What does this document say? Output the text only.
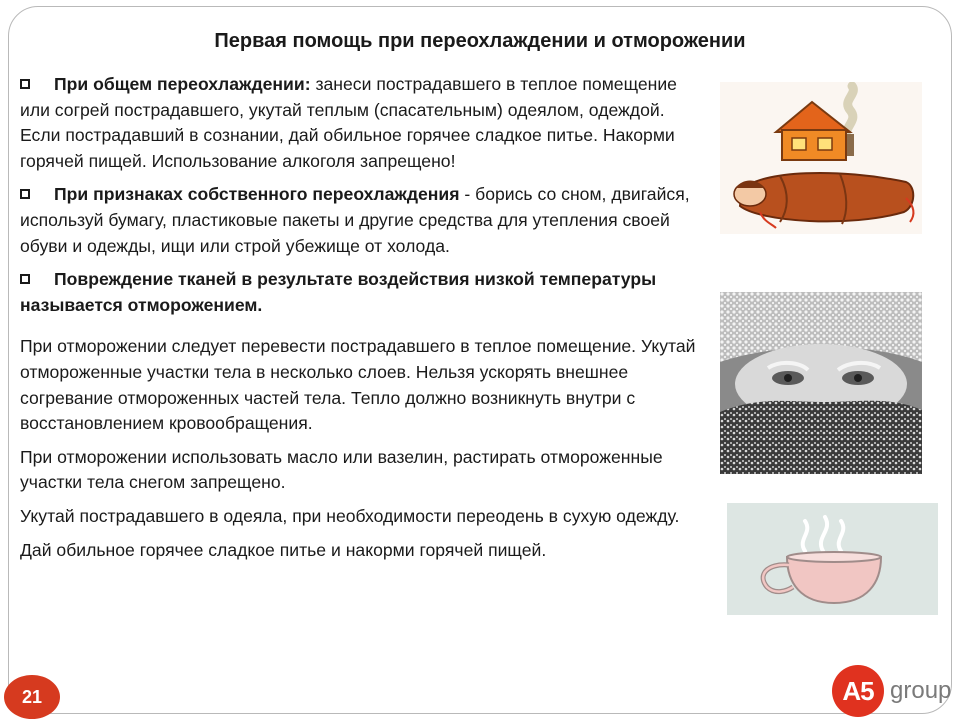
Первая помощь при переохлаждении и отморожении

При общем переохлаждении: занеси пострадавшего в теплое помещение или согрей пострадавшего, укутай теплым (спасательным) одеялом, одеждой. Если пострадавший в сознании, дай обильное горячее сладкое питье. Накорми горячей пищей. Использование алкоголя запрещено!

При признаках собственного переохлаждения - борись со сном, двигайся, используй бумагу, пластиковые пакеты и другие средства для утепления своей обуви и одежды, ищи или строй убежище от холода.

Повреждение тканей в результате воздействия низкой температуры называется отморожением.

При отморожении следует перевести пострадавшего в теплое помещение. Укутай отмороженные участки тела в несколько слоев. Нельзя ускорять внешнее согревание отмороженных частей тела. Тепло должно возникнуть внутри с восстановлением кровообращения.

При отморожении использовать масло или вазелин, растирать отмороженные участки тела снегом запрещено.

Укутай пострадавшего в одеяла, при необходимости переодень в сухую одежду.

Дай обильное горячее сладкое питье и накорми горячей пищей.

21	A5 group
